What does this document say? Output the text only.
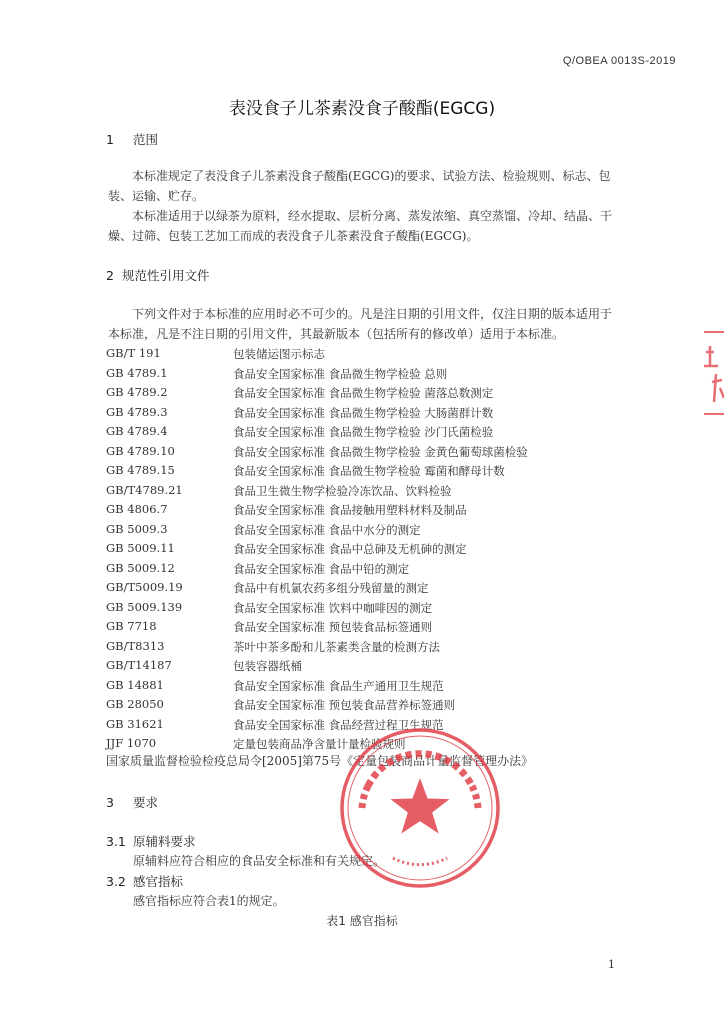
Q/OBEA 0013S-2019
表没食子儿茶素没食子酸酯(EGCG)
1 范围
本标准规定了表没食子儿茶素没食子酸酯(EGCG)的要求、试验方法、检验规则、标志、包装、运输、贮存。
本标准适用于以绿茶为原料，经水提取、层析分离、蒸发浓缩、真空蒸馏、冷却、结晶、干燥、过筛、包装工艺加工而成的表没食子儿茶素没食子酸酯(EGCG)。
2 规范性引用文件
下列文件对于本标准的应用时必不可少的。凡是注日期的引用文件，仅注日期的版本适用于本标准，凡是不注日期的引用文件，其最新版本（包括所有的修改单）适用于本标准。
GB/T 191	包装储运图示标志
GB 4789.1	食品安全国家标准 食品微生物学检验 总则
GB 4789.2	食品安全国家标准 食品微生物学检验 菌落总数测定
GB 4789.3	食品安全国家标准 食品微生物学检验 大肠菌群计数
GB 4789.4	食品安全国家标准 食品微生物学检验 沙门氏菌检验
GB 4789.10	食品安全国家标准 食品微生物学检验 金黄色葡萄球菌检验
GB 4789.15	食品安全国家标准 食品微生物学检验 霉菌和酵母计数
GB/T4789.21	食品卫生微生物学检验冷冻饮品、饮料检验
GB 4806.7	食品安全国家标准 食品接触用塑料材料及制品
GB 5009.3	食品安全国家标准 食品中水分的测定
GB 5009.11	食品安全国家标准 食品中总砷及无机砷的测定
GB 5009.12	食品安全国家标准 食品中铅的测定
GB/T5009.19	食品中有机氯农药多组分残留量的测定
GB 5009.139	食品安全国家标准 饮料中咖啡因的测定
GB 7718	食品安全国家标准 预包装食品标签通则
GB/T8313	茶叶中茶多酚和儿茶素类含量的检测方法
GB/T14187	包装容器纸桶
GB 14881	食品安全国家标准 食品生产通用卫生规范
GB 28050	食品安全国家标准 预包装食品营养标签通则
GB 31621	食品安全国家标准 食品经营过程卫生规范
JJF 1070	定量包装商品净含量计量检验规则
国家质量监督检验检疫总局令[2005]第75号《定量包装商品计量监督管理办法》
3 要求
3.1 原辅料要求
原辅料应符合相应的食品安全标准和有关规定。
3.2 感官指标
感官指标应符合表1的规定。
表1 感官指标
1
